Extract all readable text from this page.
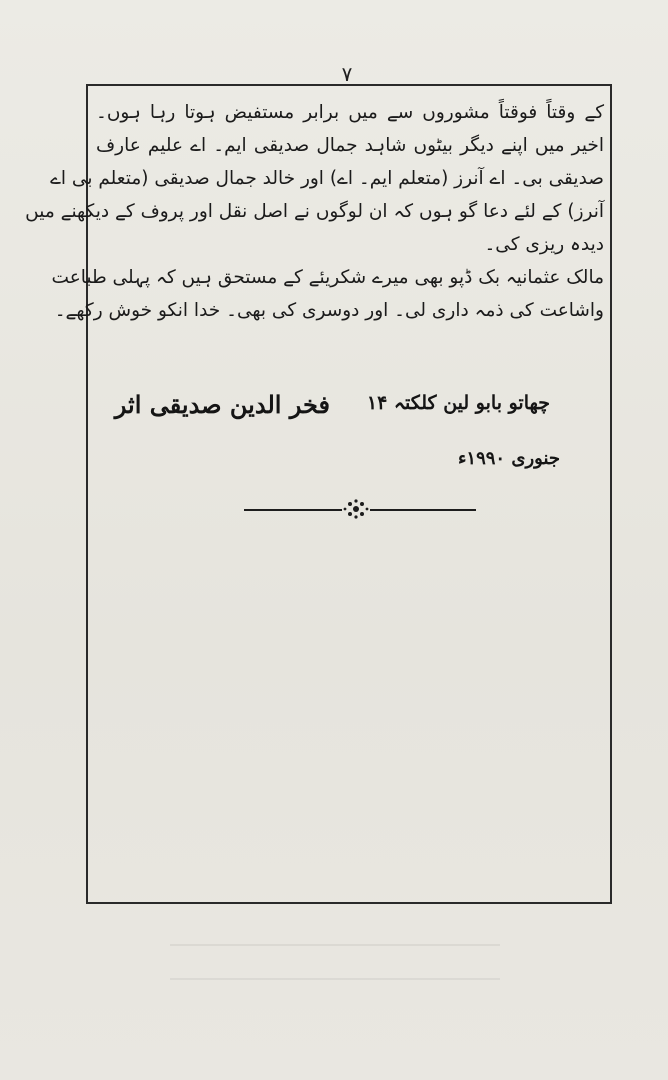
۷
کے وقتاً فوقتاً مشوروں سے میں برابر مستفیض ہوتا رہا ہوں۔
اخیر میں اپنے دیگر بیٹوں شاہد جمال صدیقی ایم۔ اے علیم عارف
صدیقی بی۔ اے آنرز (متعلم ایم۔ اے) اور خالد جمال صدیقی (متعلم بی اے
آنرز) کے لئے دعا گو ہوں کہ ان لوگوں نے اصل نقل اور پروف کے دیکھنے میں
دیدہ ریزی کی۔
مالک عثمانیہ بک ڈپو بھی میرے شکریئے کے مستحق ہیں کہ پہلی طباعت
واشاعت کی ذمہ داری لی۔ اور دوسری کی بھی۔ خدا انکو خوش رکھے۔
چھاتو بابو لین کلکتہ ۱۴
فخر الدین صدیقی اثر
جنوری ۱۹۹۰ء
